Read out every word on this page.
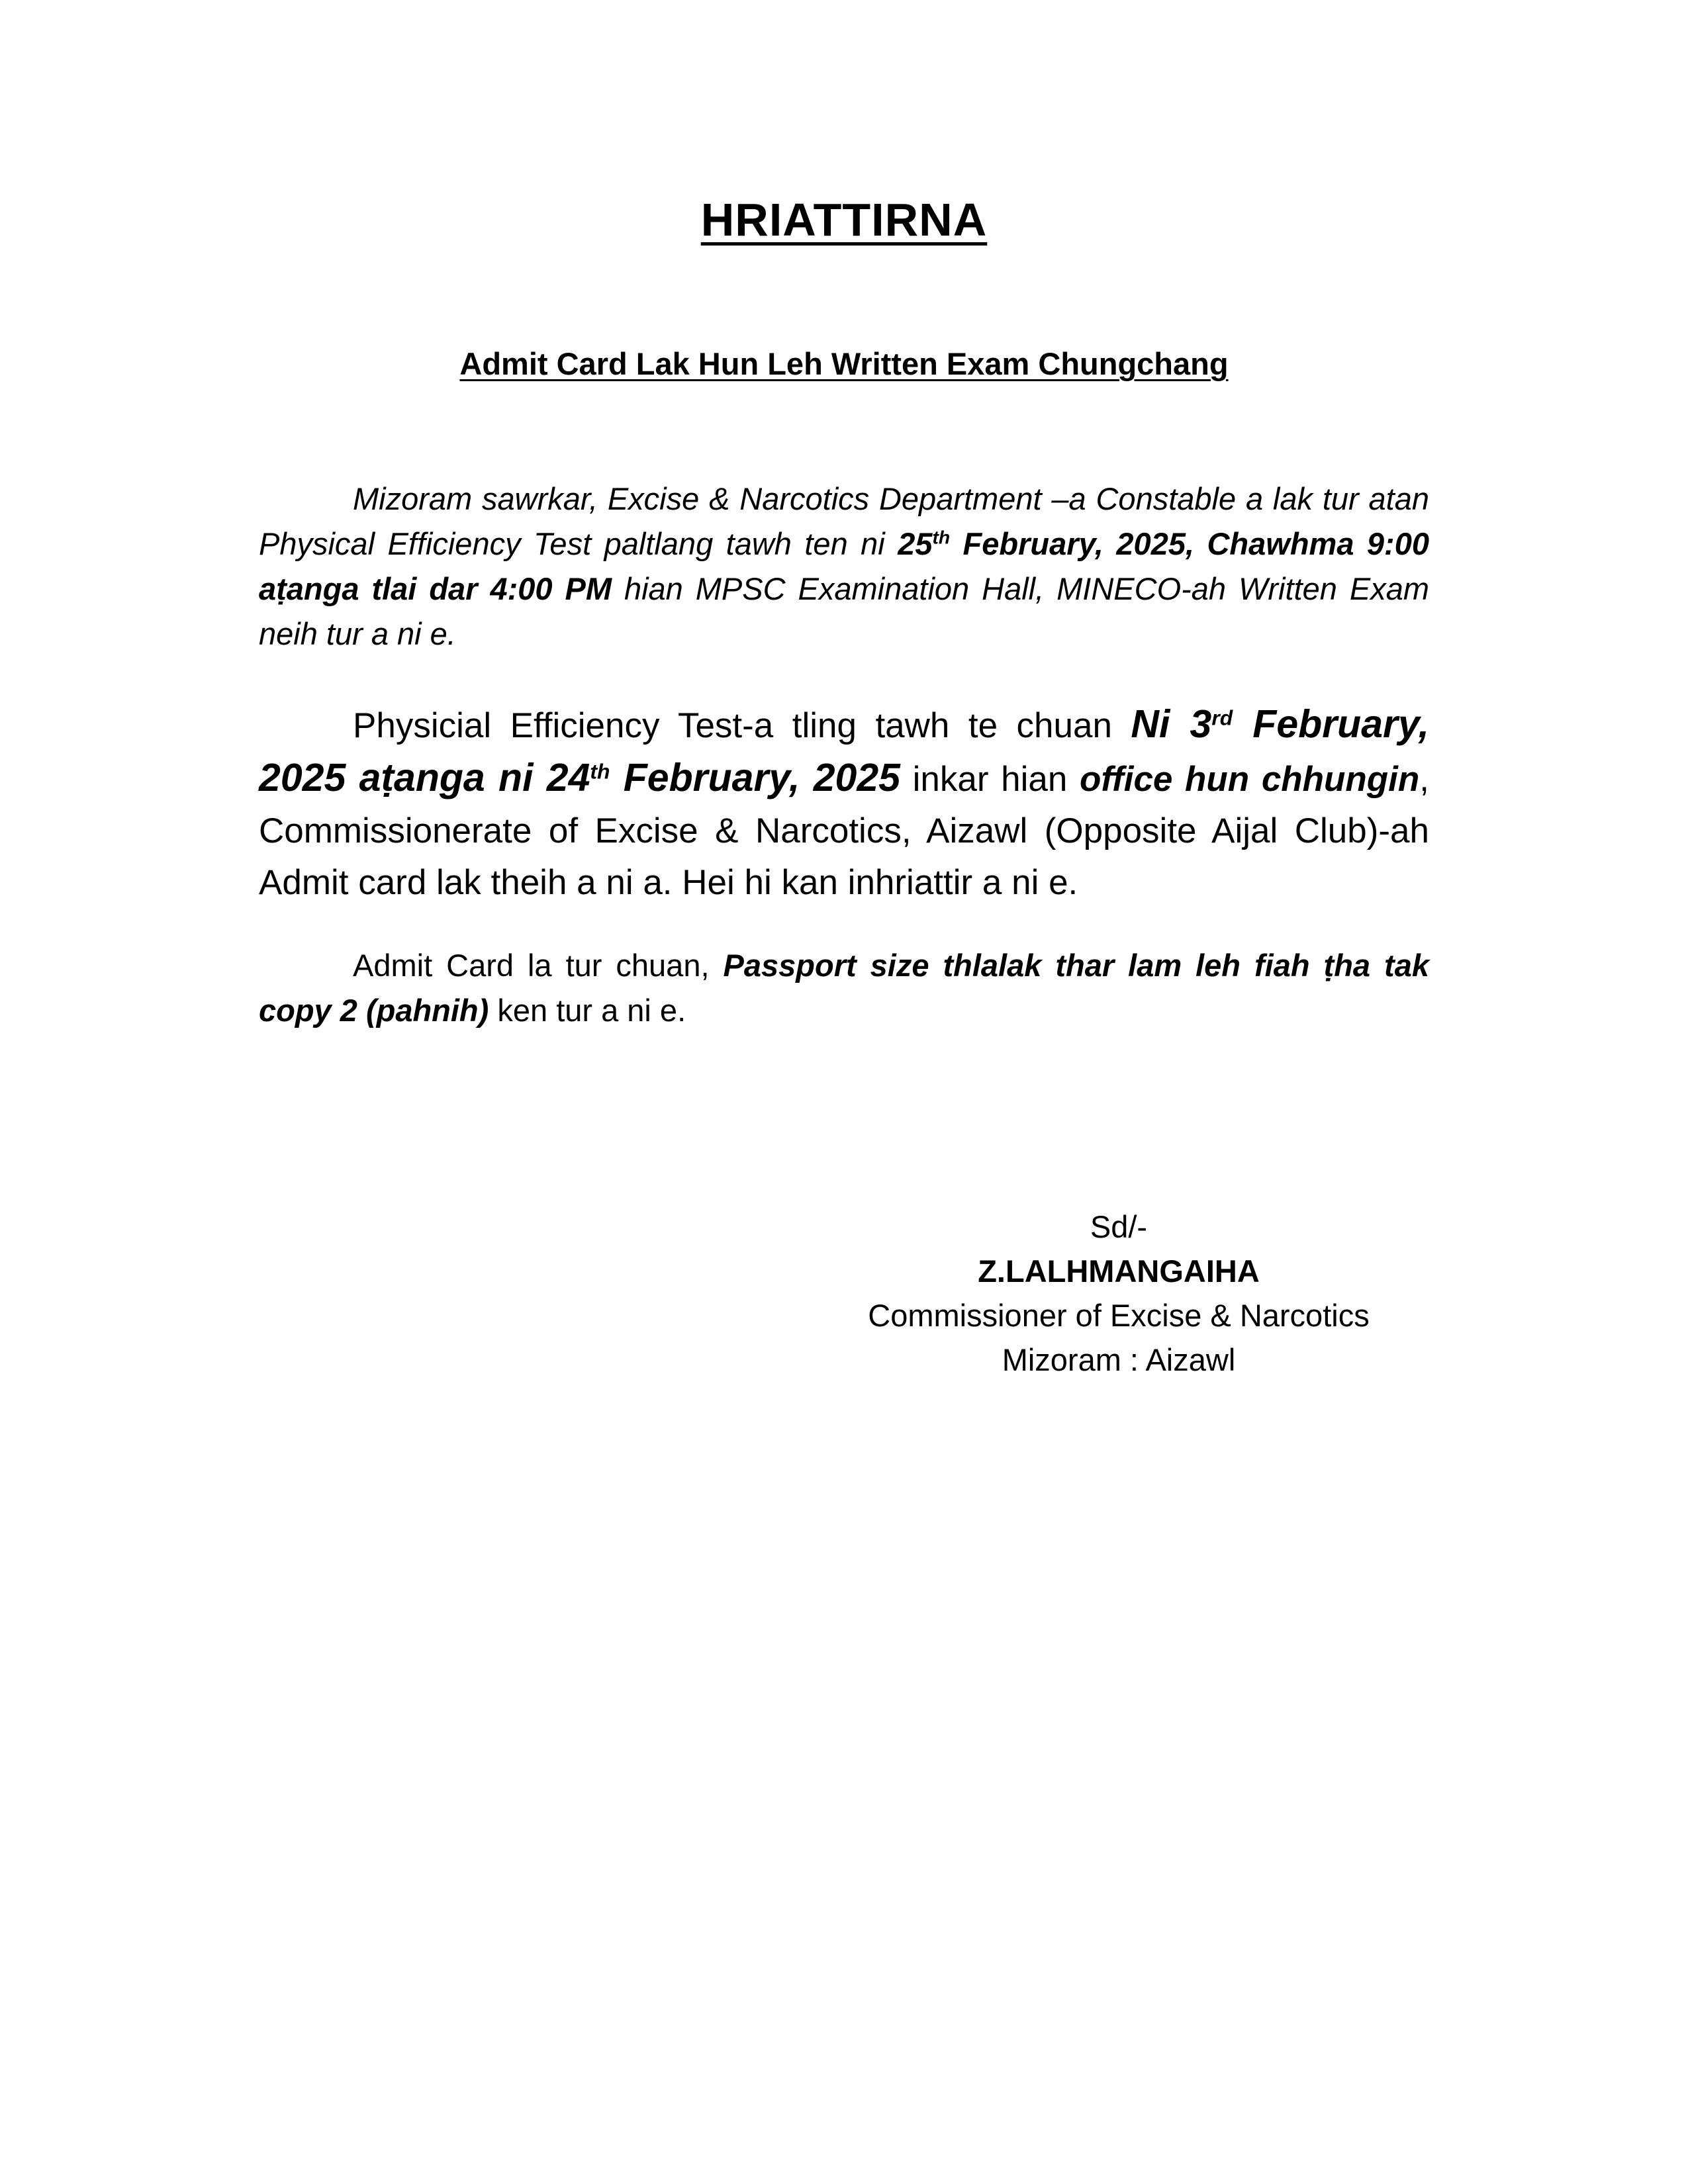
HRIATTIRNA
Admit Card Lak Hun Leh Written Exam Chungchang

Mizoram sawrkar, Excise & Narcotics Department –a Constable a lak tur atan Physical Efficiency Test paltlang tawh ten ni 25th February, 2025, Chawhma 9:00 aṭanga tlai dar 4:00 PM hian MPSC Examination Hall, MINECO-ah Written Exam neih tur a ni e.

Physicial Efficiency Test-a tling tawh te chuan Ni 3rd February, 2025 aṭanga ni 24th February, 2025 inkar hian office hun chhungin, Commissionerate of Excise & Narcotics, Aizawl (Opposite Aijal Club)-ah Admit card lak theih a ni a. Hei hi kan inhriattir a ni e.

Admit Card la tur chuan, Passport size thlalak thar lam leh fiah ṭha tak copy 2 (pahnih) ken tur a ni e.

Sd/-
Z.LALHMANGAIHA
Commissioner of Excise & Narcotics
Mizoram : Aizawl
